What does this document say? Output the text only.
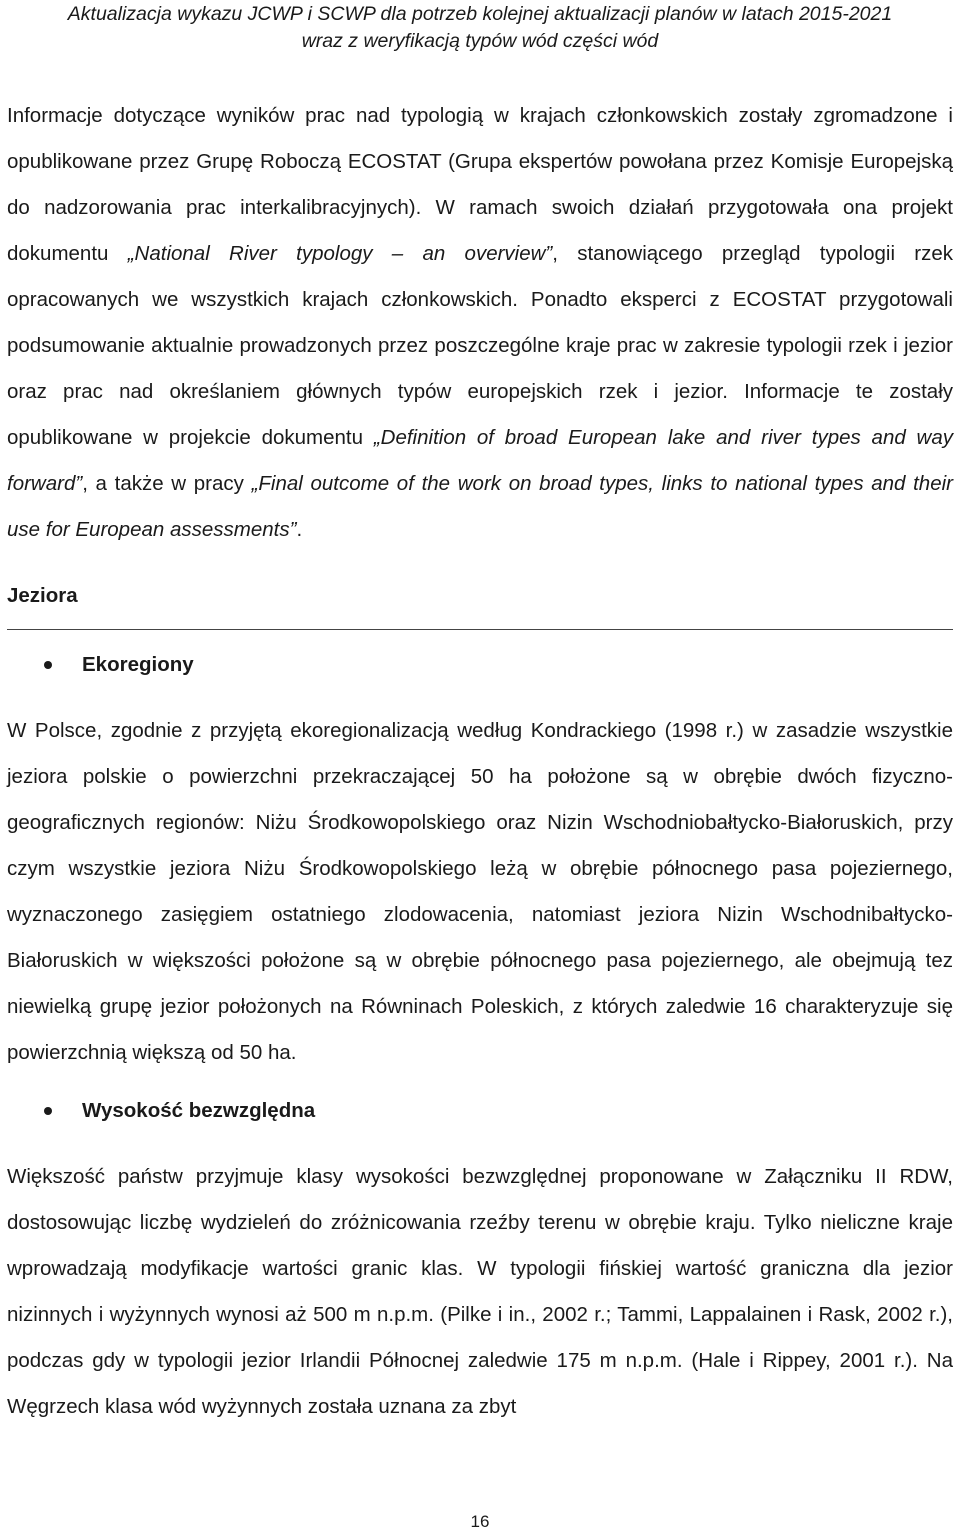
Aktualizacja wykazu JCWP i SCWP dla potrzeb kolejnej aktualizacji planów w latach 2015-2021
wraz z weryfikacją typów wód części wód

Informacje dotyczące wyników prac nad typologią w krajach członkowskich zostały zgromadzone i opublikowane przez Grupę Roboczą ECOSTAT (Grupa ekspertów powołana przez Komisje Europejską do nadzorowania prac interkalibracyjnych). W ramach swoich działań przygotowała ona projekt dokumentu „National River typology – an overview”, stanowiącego przegląd typologii rzek opracowanych we wszystkich krajach członkowskich. Ponadto eksperci z ECOSTAT przygotowali podsumowanie aktualnie prowadzonych przez poszczególne kraje prac w zakresie typologii rzek i jezior oraz prac nad określaniem głównych typów europejskich rzek i jezior. Informacje te zostały opublikowane w projekcie dokumentu „Definition of broad European lake and river types and way forward”, a także w pracy „Final outcome of the work on broad types, links to national types and their use for European assessments”.

Jeziora
Ekoregiony

W Polsce, zgodnie z przyjętą ekoregionalizacją według Kondrackiego (1998 r.) w zasadzie wszystkie jeziora polskie o powierzchni przekraczającej 50 ha położone są w obrębie dwóch fizyczno-geograficznych regionów: Niżu Środkowopolskiego oraz Nizin Wschodniobałtycko-Białoruskich, przy czym wszystkie jeziora Niżu Środkowopolskiego leżą w obrębie północnego pasa pojeziernego, wyznaczonego zasięgiem ostatniego zlodowacenia, natomiast jeziora Nizin Wschodnibałtycko-Białoruskich w większości położone są w obrębie północnego pasa pojeziernego, ale obejmują tez niewielką grupę jezior położonych na Równinach Poleskich, z których zaledwie 16 charakteryzuje się powierzchnią większą od 50 ha.

Wysokość bezwzględna

Większość państw przyjmuje klasy wysokości bezwzględnej proponowane w Załączniku II RDW, dostosowując liczbę wydzieleń do zróżnicowania rzeźby terenu w obrębie kraju. Tylko nieliczne kraje wprowadzają modyfikacje wartości granic klas. W typologii fińskiej wartość graniczna dla jezior nizinnych i wyżynnych wynosi aż 500 m n.p.m. (Pilke i in., 2002 r.; Tammi, Lappalainen i Rask, 2002 r.), podczas gdy w typologii jezior Irlandii Północnej zaledwie 175 m n.p.m. (Hale i Rippey, 2001 r.). Na Węgrzech klasa wód wyżynnych została uznana za zbyt

16
